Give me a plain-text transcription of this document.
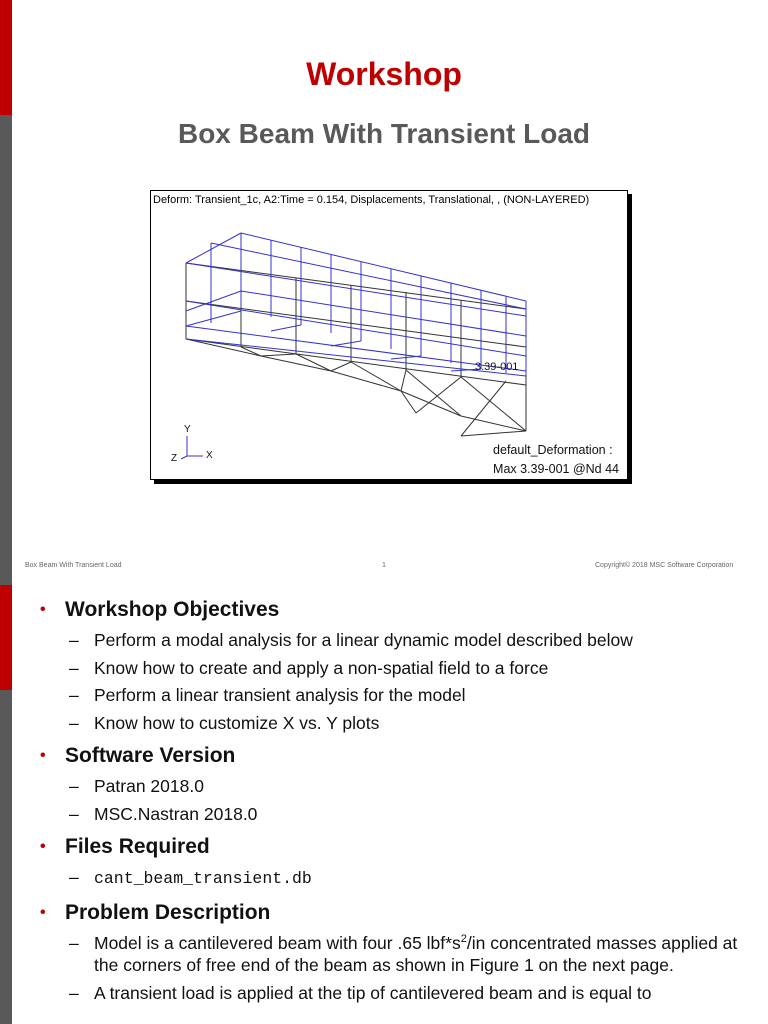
Workshop
Box Beam With Transient Load
Deform: Transient_1c, A2:Time = 0.154, Displacements, Translational, , (NON-LAYERED)
3.39-001
Y
Z	X	default_Deformation :
Max 3.39-001 @Nd 44
Box Beam With Transient Load	1	Copyright© 2018 MSC Software Corporation
• Workshop Objectives
– Perform a modal analysis for a linear dynamic model described below
– Know how to create and apply a non-spatial field to a force
– Perform a linear transient analysis for the model
– Know how to customize X vs. Y plots
• Software Version
– Patran 2018.0
– MSC.Nastran 2018.0
• Files Required
– cant_beam_transient.db
• Problem Description
– Model is a cantilevered beam with four .65 $lbf*s^2/in$ concentrated masses applied at the corners of free end of the beam as shown in Figure 1 on the next page.
– A transient load is applied at the tip of cantilevered beam and is equal to
